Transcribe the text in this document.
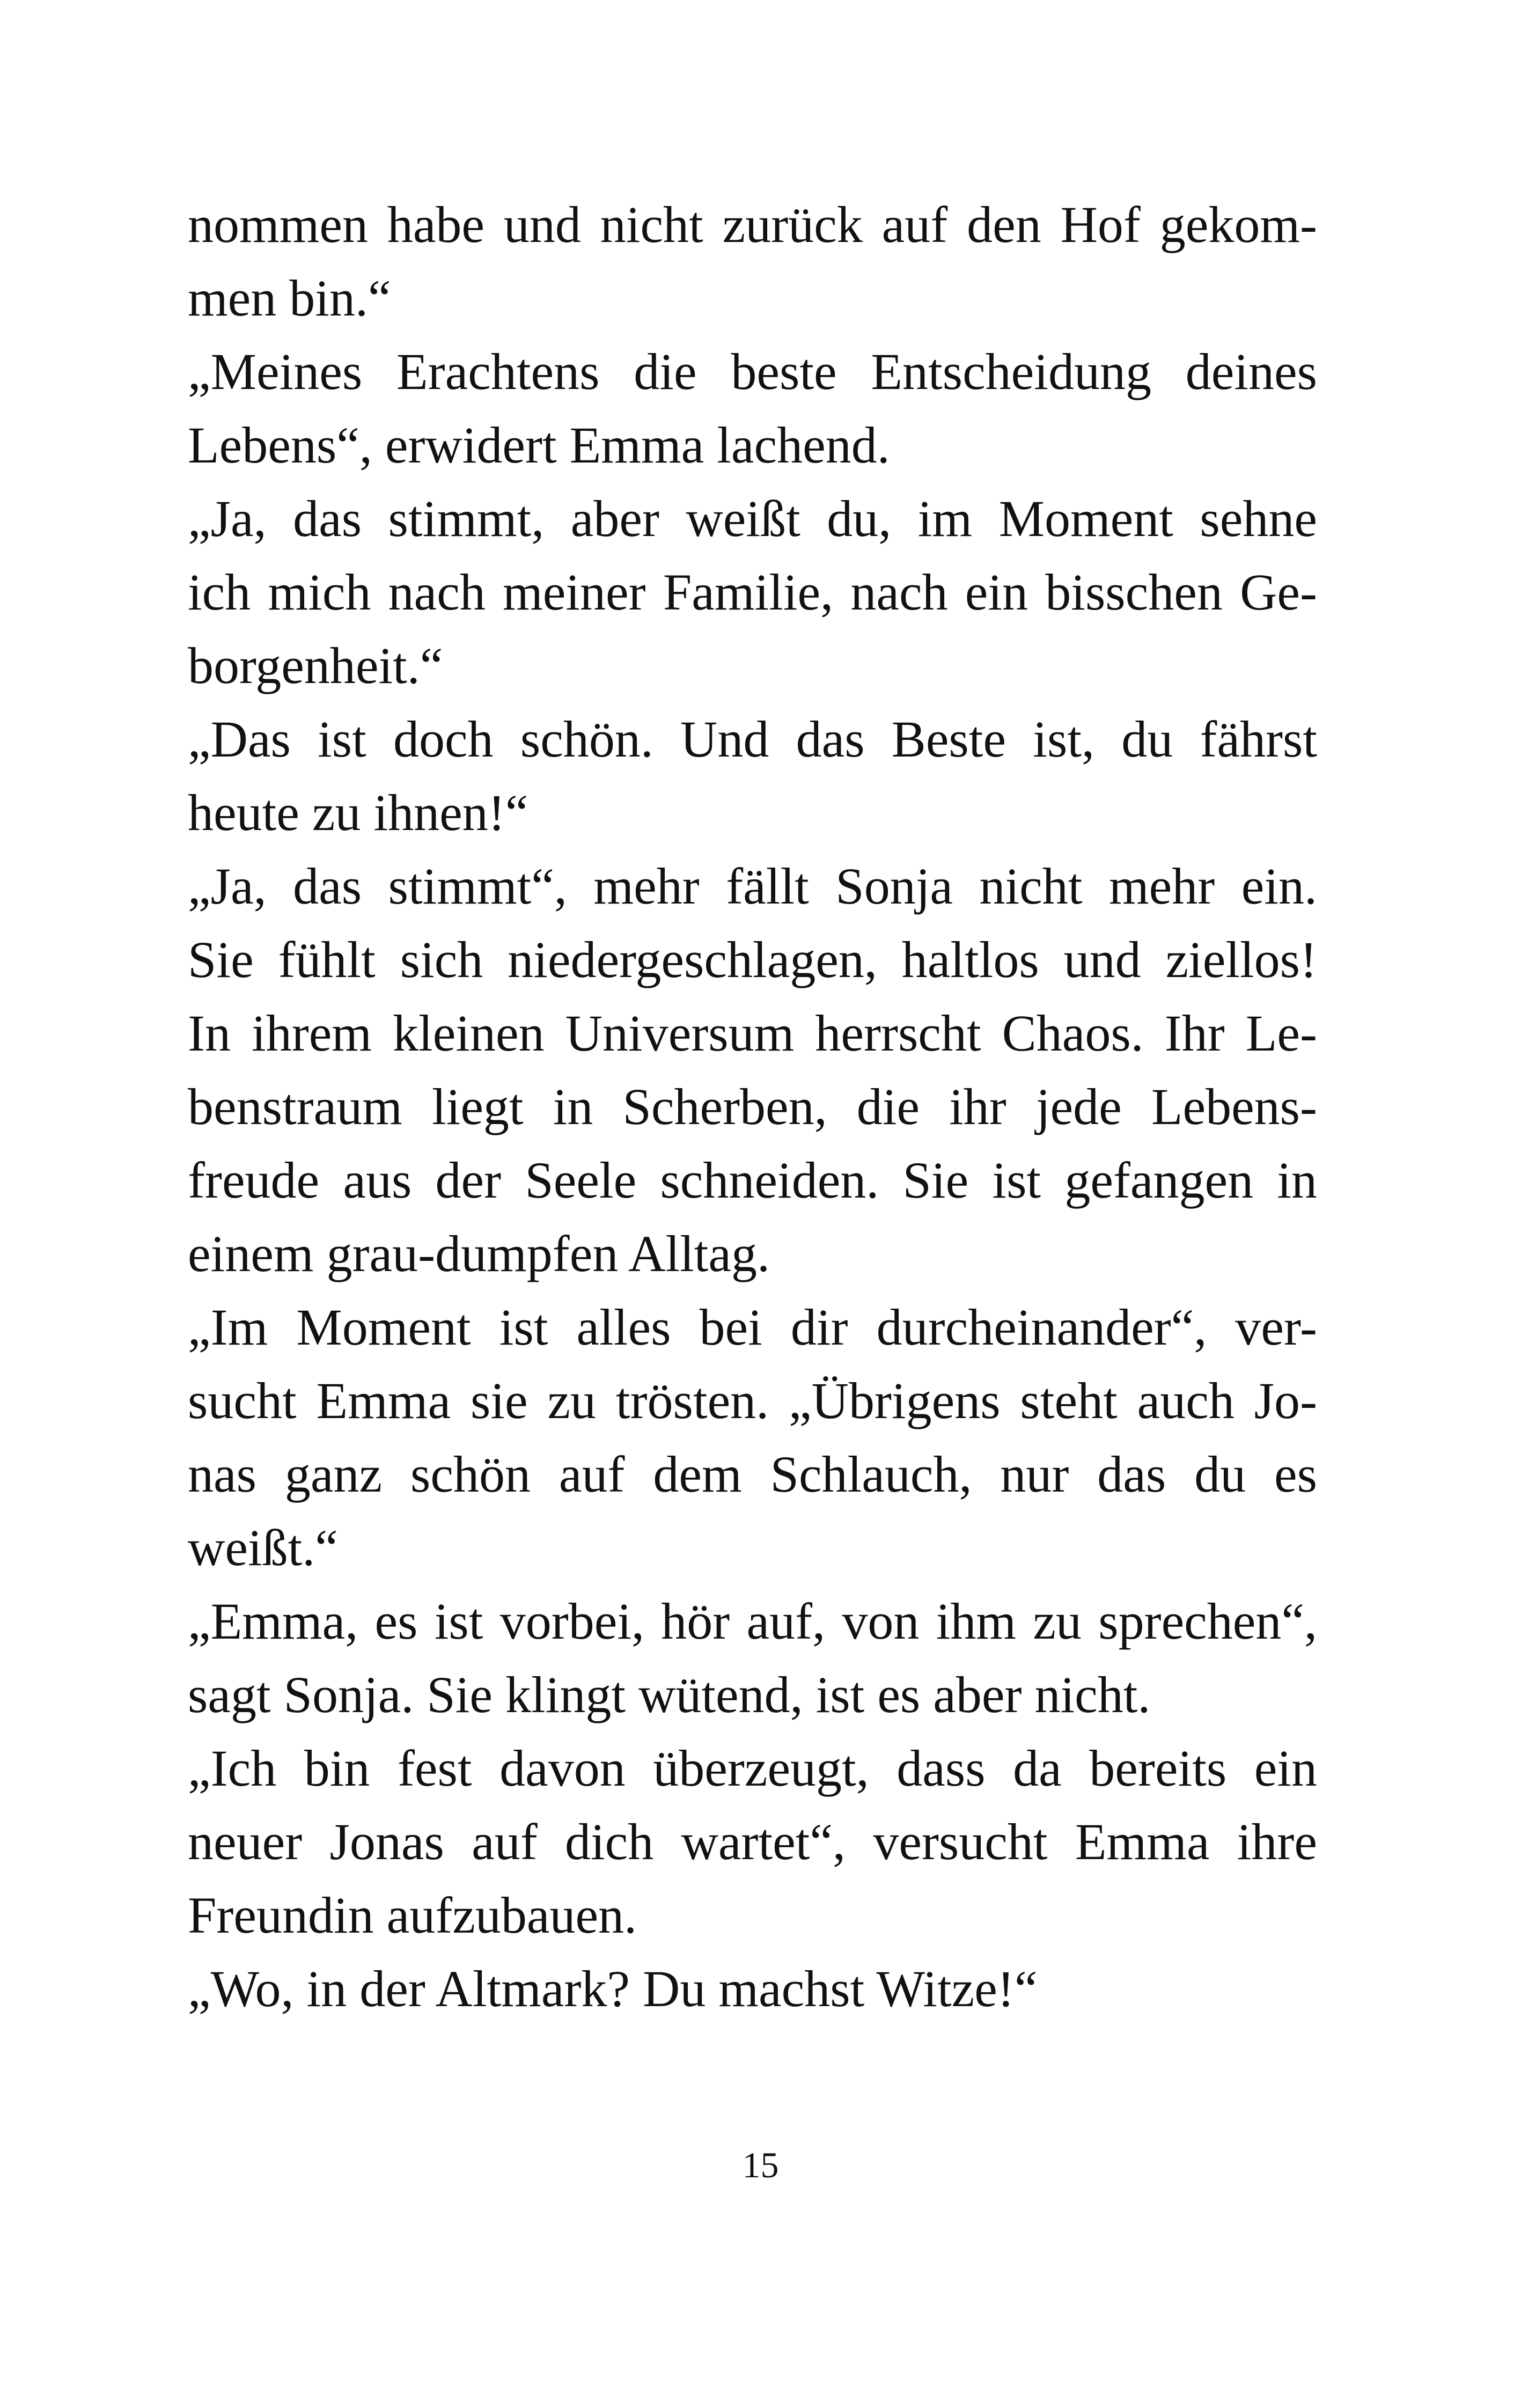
nommen habe und nicht zurück auf den Hof gekom-
men bin.“
„Meines Erachtens die beste Entscheidung deines
Lebens“, erwidert Emma lachend.
„Ja, das stimmt, aber weißt du, im Moment sehne
ich mich nach meiner Familie, nach ein bisschen Ge-
borgenheit.“
„Das ist doch schön. Und das Beste ist, du fährst
heute zu ihnen!“
„Ja, das stimmt“, mehr fällt Sonja nicht mehr ein.
Sie fühlt sich niedergeschlagen, haltlos und ziellos!
In ihrem kleinen Universum herrscht Chaos. Ihr Le-
benstraum liegt in Scherben, die ihr jede Lebens-
freude aus der Seele schneiden. Sie ist gefangen in
einem grau-dumpfen Alltag.
„Im Moment ist alles bei dir durcheinander“, ver-
sucht Emma sie zu trösten. „Übrigens steht auch Jo-
nas ganz schön auf dem Schlauch, nur das du es
weißt.“
„Emma, es ist vorbei, hör auf, von ihm zu sprechen“,
sagt Sonja. Sie klingt wütend, ist es aber nicht.
„Ich bin fest davon überzeugt, dass da bereits ein
neuer Jonas auf dich wartet“, versucht Emma ihre
Freundin aufzubauen.
„Wo, in der Altmark? Du machst Witze!“
15
